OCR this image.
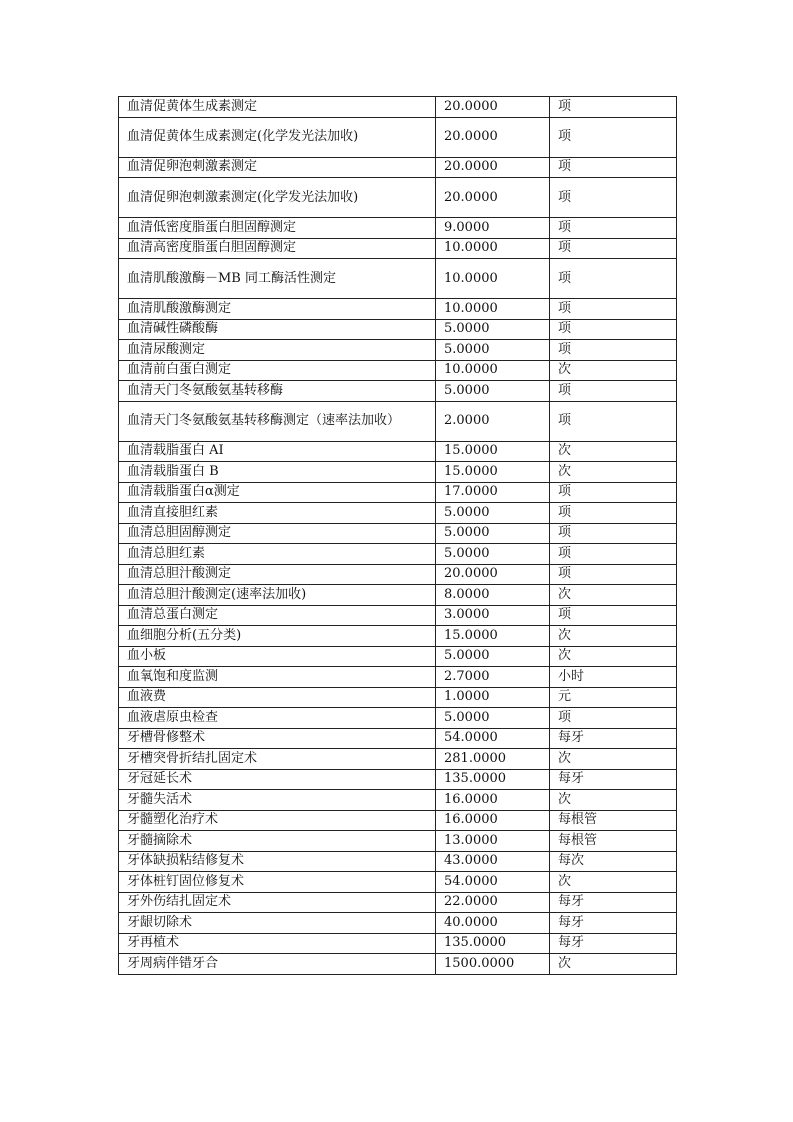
血清促黄体生成素测定	20.0000	项
血清促黄体生成素测定(化学发光法加收)	20.0000	项
血清促卵泡刺激素测定	20.0000	项
血清促卵泡刺激素测定(化学发光法加收)	20.0000	项
血清低密度脂蛋白胆固醇测定	9.0000	项
血清高密度脂蛋白胆固醇测定	10.0000	项
血清肌酸激酶－MB 同工酶活性测定	10.0000	项
血清肌酸激酶测定	10.0000	项
血清碱性磷酸酶	5.0000	项
血清尿酸测定	5.0000	项
血清前白蛋白测定	10.0000	次
血清天门冬氨酸氨基转移酶	5.0000	项
血清天门冬氨酸氨基转移酶测定（速率法加收）	2.0000	项
血清载脂蛋白 AⅠ	15.0000	次
血清载脂蛋白 B	15.0000	次
血清载脂蛋白α测定	17.0000	项
血清直接胆红素	5.0000	项
血清总胆固醇测定	5.0000	项
血清总胆红素	5.0000	项
血清总胆汁酸测定	20.0000	项
血清总胆汁酸测定(速率法加收)	8.0000	次
血清总蛋白测定	3.0000	项
血细胞分析(五分类)	15.0000	次
血小板	5.0000	次
血氧饱和度监测	2.7000	小时
血液费	1.0000	元
血液虐原虫检查	5.0000	项
牙槽骨修整术	54.0000	每牙
牙槽突骨折结扎固定术	281.0000	次
牙冠延长术	135.0000	每牙
牙髓失活术	16.0000	次
牙髓塑化治疗术	16.0000	每根管
牙髓摘除术	13.0000	每根管
牙体缺损粘结修复术	43.0000	每次
牙体桩钉固位修复术	54.0000	次
牙外伤结扎固定术	22.0000	每牙
牙龈切除术	40.0000	每牙
牙再植术	135.0000	每牙
牙周病伴错牙合	1500.0000	次
